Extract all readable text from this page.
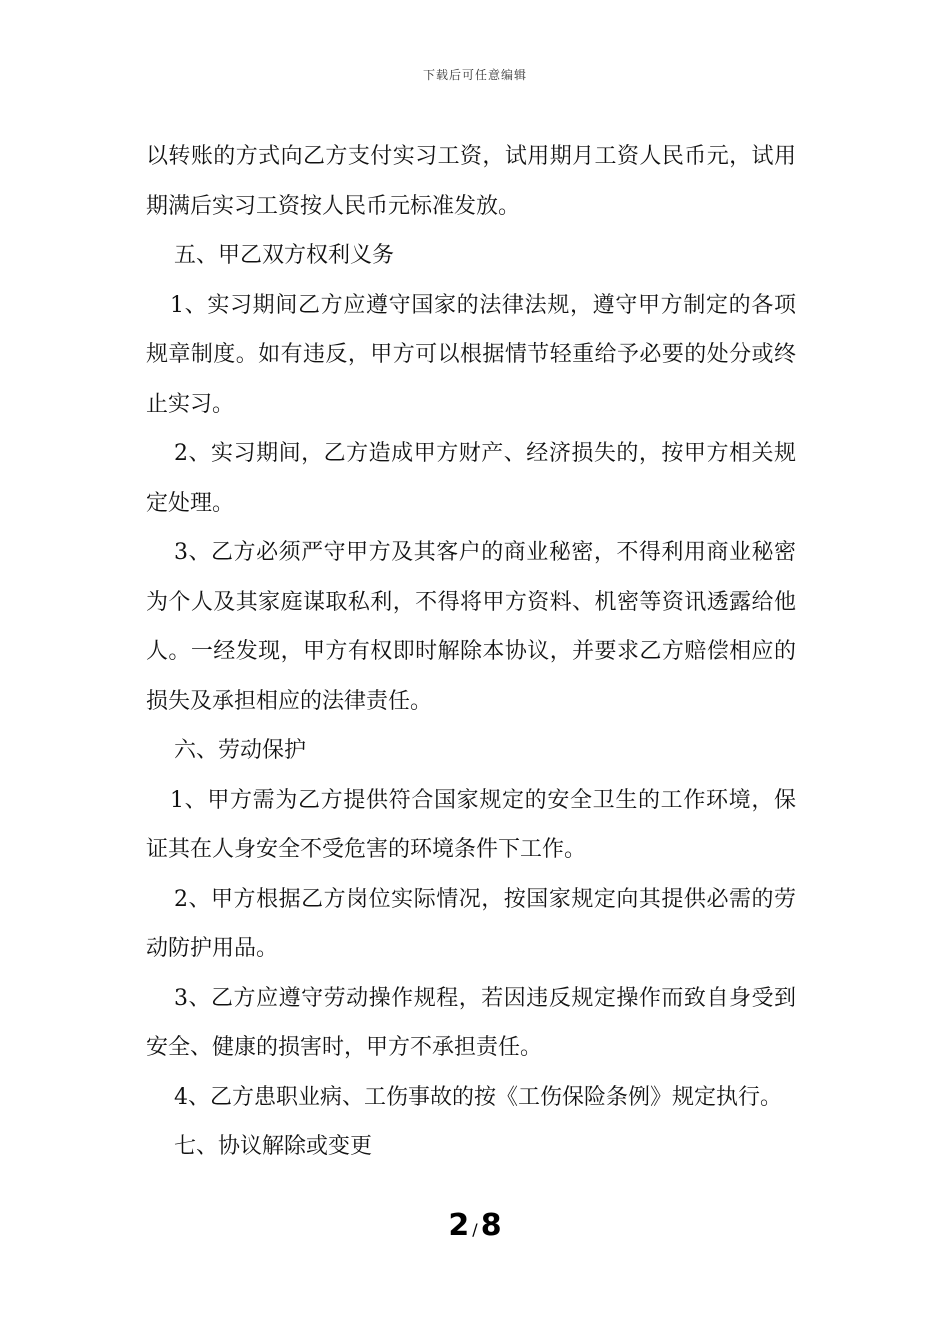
下载后可任意编辑

以转账的方式向乙方支付实习工资，试用期月工资人民币元，试用期满后实习工资按人民币元标准发放。

五、甲乙双方权利义务

1、实习期间乙方应遵守国家的法律法规，遵守甲方制定的各项规章制度。如有违反，甲方可以根据情节轻重给予必要的处分或终止实习。

2、实习期间，乙方造成甲方财产、经济损失的，按甲方相关规定处理。

3、乙方必须严守甲方及其客户的商业秘密，不得利用商业秘密为个人及其家庭谋取私利，不得将甲方资料、机密等资讯透露给他人。一经发现，甲方有权即时解除本协议，并要求乙方赔偿相应的损失及承担相应的法律责任。

六、劳动保护

1、甲方需为乙方提供符合国家规定的安全卫生的工作环境，保证其在人身安全不受危害的环境条件下工作。

2、甲方根据乙方岗位实际情况，按国家规定向其提供必需的劳动防护用品。

3、乙方应遵守劳动操作规程，若因违反规定操作而致自身受到安全、健康的损害时，甲方不承担责任。

4、乙方患职业病、工伤事故的按《工伤保险条例》规定执行。

七、协议解除或变更

2 / 8
